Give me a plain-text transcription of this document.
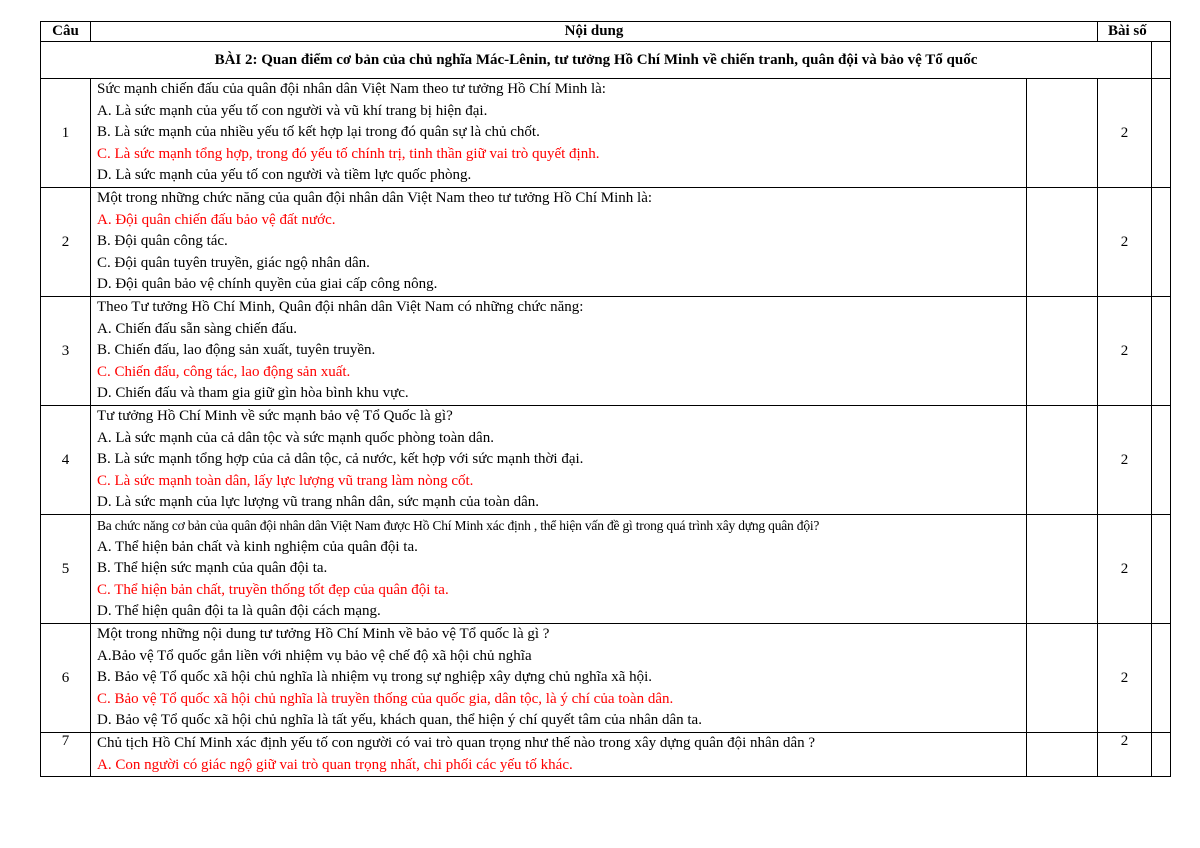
Câu	Nội dung		Bài số	
BÀI 2: Quan điểm cơ bản của chủ nghĩa Mác-Lênin, tư tưởng Hồ Chí Minh về chiến tranh, quân đội và bảo vệ Tổ quốc				
1	Sức mạnh chiến đấu của quân đội nhân dân Việt Nam theo tư tưởng Hồ Chí Minh là:
A. Là sức mạnh của yếu tố con người và vũ khí trang bị hiện đại.
B. Là sức mạnh của nhiều yếu tố kết hợp lại trong đó quân sự là chủ chốt.
C. Là sức mạnh tổng hợp, trong đó yếu tố chính trị, tinh thần giữ vai trò quyết định.
D. Là sức mạnh của yếu tố con người và tiềm lực quốc phòng.		2	
2	Một trong những chức năng của quân đội nhân dân Việt Nam theo tư tưởng Hồ Chí Minh là:
A. Đội quân chiến đấu bảo vệ đất nước.
B. Đội quân công tác.
C. Đội quân tuyên truyền, giác ngộ nhân dân.
D. Đội quân bảo vệ chính quyền của giai cấp công nông.		2	
3	Theo Tư tưởng Hồ Chí Minh, Quân đội nhân dân Việt Nam có những chức năng:
A. Chiến đấu sẵn sàng chiến đấu.
B. Chiến đấu, lao động sản xuất, tuyên truyền.
C. Chiến đấu, công tác, lao động sản xuất.
D. Chiến đấu và tham gia giữ gìn hòa bình khu vực.		2	
4	Tư tưởng Hồ Chí Minh về sức mạnh bảo vệ Tổ Quốc là gì?
A. Là sức mạnh của cả dân tộc và sức mạnh quốc phòng toàn dân.
B. Là sức mạnh tổng hợp của cả dân tộc, cả nước, kết hợp với sức mạnh thời đại.
C. Là sức mạnh toàn dân, lấy lực lượng vũ trang làm nòng cốt.
D. Là sức mạnh của lực lượng vũ trang nhân dân, sức mạnh của toàn dân.		2	
5	Ba chức năng cơ bản của quân đội nhân dân Việt Nam được Hồ Chí Minh xác định , thể hiện vấn đề gì trong quá trình xây dựng quân đội?
A. Thể hiện bản chất và kinh nghiệm của quân đội ta.
B. Thể hiện sức mạnh của quân đội ta.
C. Thể hiện bản chất, truyền thống tốt đẹp của quân đội ta.
D. Thể hiện quân đội ta là quân đội cách mạng.		2	
6	Một trong những nội dung tư tưởng Hồ Chí Minh về bảo vệ Tổ quốc là gì ?
A.Bảo vệ Tổ quốc gắn liền với nhiệm vụ bảo vệ chế độ xã hội chủ nghĩa
B. Bảo vệ Tổ quốc xã hội chủ nghĩa là nhiệm vụ trong sự nghiệp xây dựng chủ nghĩa xã hội.
C. Bảo vệ Tổ quốc xã hội chủ nghĩa là truyền thống của quốc gia, dân tộc, là ý chí của toàn dân.
D. Bảo vệ Tổ quốc xã hội chủ nghĩa là tất yếu, khách quan, thể hiện ý chí quyết tâm của nhân dân ta.		2	
7	Chủ tịch Hồ Chí Minh xác định yếu tố con người có vai trò quan trọng như thế nào trong xây dựng quân đội nhân dân ?
A. Con người có giác ngộ giữ vai trò quan trọng nhất, chi phối các yếu tố khác.		2	
